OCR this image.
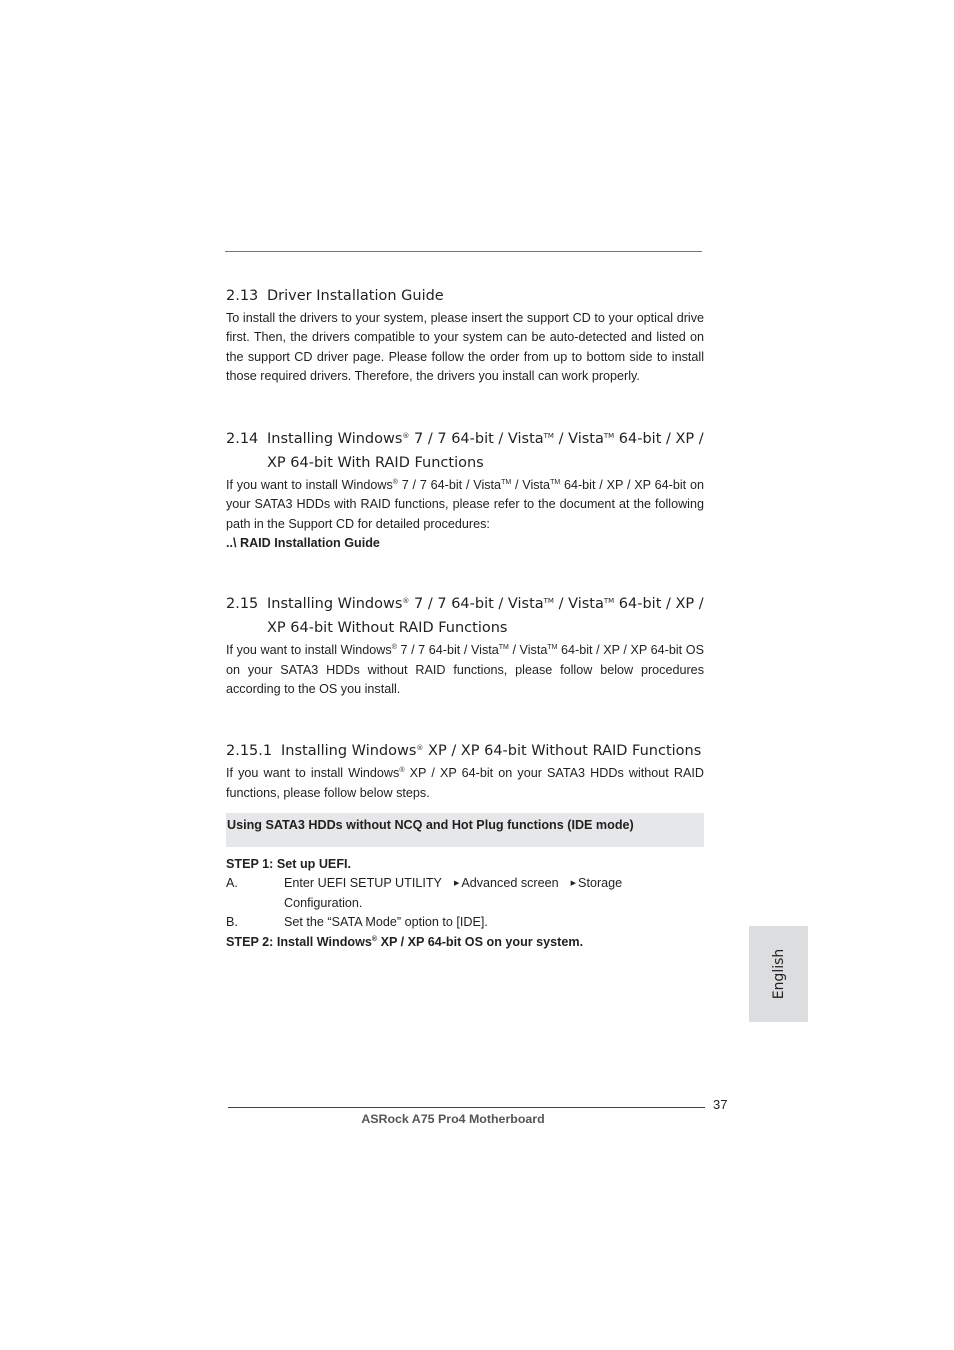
2.13 Driver Installation Guide

To install the drivers to your system, please insert the support CD to your optical drive first. Then, the drivers compatible to your system can be auto-detected and listed on the support CD driver page. Please follow the order from up to bottom side to install those required drivers. Therefore, the drivers you install can work properly.

2.14 Installing Windows® 7 / 7 64-bit / Vista™ / Vista™ 64-bit / XP /
XP 64-bit With RAID Functions

If you want to install Windows® 7 / 7 64-bit / Vista™ / Vista™ 64-bit / XP / XP 64-bit on your SATA3 HDDs with RAID functions, please refer to the document at the following path in the Support CD for detailed procedures:

..\ RAID Installation Guide

2.15 Installing Windows® 7 / 7 64-bit / Vista™ / Vista™ 64-bit / XP /
XP 64-bit Without RAID Functions

If you want to install Windows® 7 / 7 64-bit / Vista™ / Vista™ 64-bit / XP / XP 64-bit OS on your SATA3 HDDs without RAID functions, please follow below procedures according to the OS you install.

2.15.1 Installing Windows® XP / XP 64-bit Without RAID Functions

If you want to install Windows® XP / XP 64-bit on your SATA3 HDDs without RAID functions, please follow below steps.

Using SATA3 HDDs without NCQ and Hot Plug functions (IDE mode)
STEP 1: Set up UEFI.
A.	Enter UEFI SETUP UTILITY ▶ Advanced screen ▶ Storage
Configuration.
B.	Set the “SATA Mode” option to [IDE].
STEP 2: Install Windows® XP / XP 64-bit OS on your system.
English
37
ASRock A75 Pro4 Motherboard
